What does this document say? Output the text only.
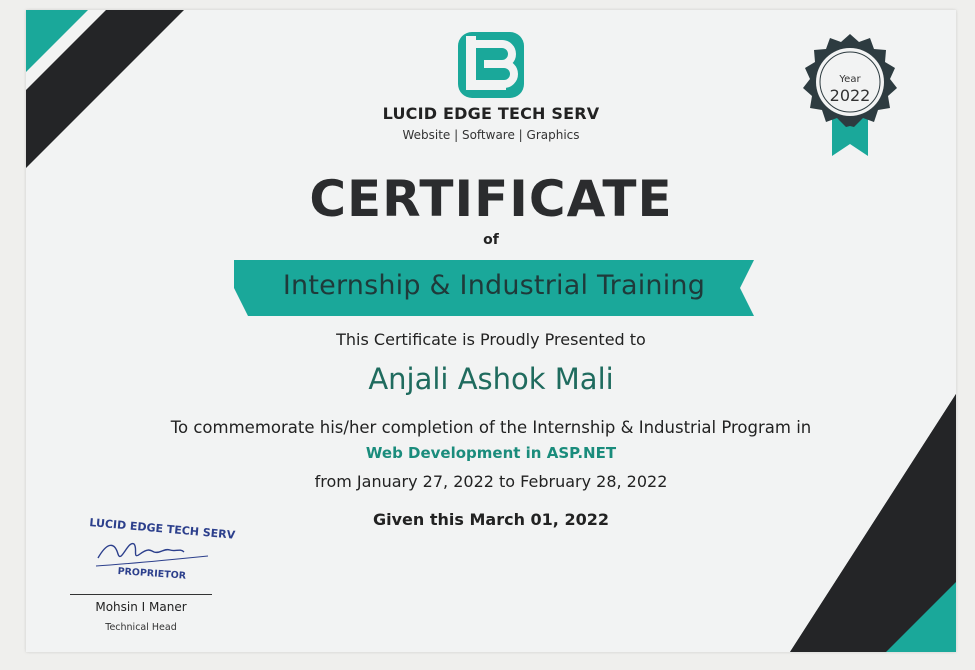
LUCID EDGE TECH SERV
Website | Software | Graphics
Year
2022
CERTIFICATE
of
Internship & Industrial Training
This Certificate is Proudly Presented to
Anjali Ashok Mali
To commemorate his/her completion of the Internship & Industrial Program in
Web Development in ASP.NET
from January 27, 2022 to February 28, 2022
Given this March 01, 2022
LUCID EDGE TECH SERV
PROPRIETOR
Mohsin I Maner
Technical Head
